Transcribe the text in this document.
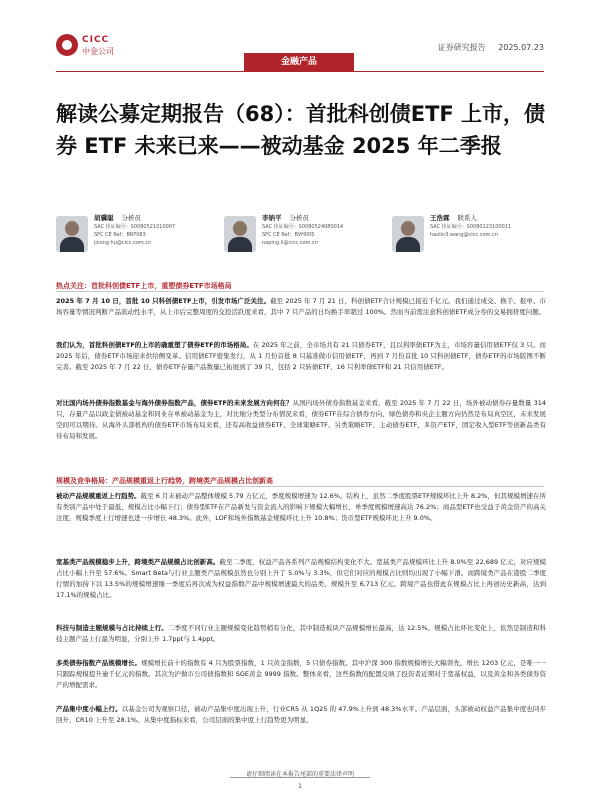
CICC
中金公司	证券研究报告 2025.07.23
金融产品
解读公募定期报告（68）：首批科创债ETF 上市，债券 ETF 未来已来——被动基金 2025 年二季报
胡骥聪 分析员
SAC 执证编号：S0080521010007
SFC CE Ref：BRF083
jicong.hu@cicc.com.cn
李钠平 分析员
SAC 执证编号：S0080524080014
SFC CE Ref：BVH005
naping.li@cicc.com.cn
王浩霖 联系人
SAC 执证编号：S0080123100011
haolin3.wang@cicc.com.cn
热点关注：首批科创债ETF上市，重塑债券ETF市场格局
2025 年 7 月 10 日，首批 10 只科创债ETF上市，引发市场广泛关注。截至 2025 年 7 月 21 日，科创债ETF合计规模已接近千亿元。我们通过成交、换手、报单、市场容量等情况判断产品流动性水平，从上市后完整周度的交投活跃度来看，其中 7 只产品的日均换手率超过 100%。然而当前需注意科创债ETF成分券的交易拥挤度问题。
我们认为，首批科创债ETF的上市的确重塑了债券ETF的市场格局。在 2025 年之前，全市场共有 21 只债券ETF，且以利率债ETF为主，市场容量信用债ETF仅 3 只。而 2025 年后，债券ETF市场迎来供给侧变革。信用债ETF密集发行，从 1 月份首批 8 只基准做市信用债ETF，再到 7 月份首批 10 只科创债ETF，债券ETF的市场版图不断完善。截至 2025 年 7 月 22 日，债券ETF存量产品数量已拓展到了 39 只，包括 2 只转债ETF、16 只利率债ETF和 21 只信用债ETF。
对比国内场外债券指数基金与海外债券指数产品，债券ETF的未来发展方向何在？从国内场外债券指数基金来看，截至 2025 年 7 月 22 日，场外被动债券存量数量 314 只，存量产品以政金债被动基金和同业存单被动基金为主，对比细分类型分布情况来看，债券ETF在综合债券方向、绿色债券和央企主题方向仍然是布局真空区，未来发展空间可以期待。从海外头部机构的债券ETF市场布局来看，还有高收益债券ETF、全球策略ETF、另类策略ETF、主动债券ETF、多资产ETF，固定收入型ETF等创新品类有待布局和发展。
规模及竞争格局：产品规模重返上行趋势，跨境类产品规模占比创新高
被动产品规模重返上行趋势。截至 6 月末被动产品整体规模 5.79 万亿元，季度规模增速为 12.6%。结构上，虽然二季度股票ETF规模环比上升 8.2%，但其规模增速在所有类别产品中处于最低，规模占比小幅下行；债券型ETF在产品新发与资金流入的影响下规模大幅增长，单季度规模增速高达 76.2%；商品型ETF也受益于黄金资产的高关注度，规模季度上行增速也进一步增长 48.3%。此外，LOF和场外指数基金规模环比上升 10.8%；货币型ETF规模环比上升 9.0%。
宽基类产品规模稳步上升，跨境类产品规模占比创新高。截至二季度，权益产品各系列产品规模结构变化不大。宽基类产品规模环比上升 8.0%至 22,689 亿元，对应规模占比小幅上升至 57.6%。Smart Beta与行业主题类产品规模虽然也分别上升了 5.0%与 3.3%，但它们对应的规模占比则均出现了小幅下滑。而跨境类产品在港股二季度行情的加持下以 13.5%的规模增速继一季度后再次成为权益指数产品中规模增速最大的品类，规模升至 6,713 亿元。跨境产品也借此在规模占比上再创历史新高，达到 17.1%的规模占比。
科技与制造主题规模与占比持续上行。二季度不同行业主题规模变化趋势稍有分化，其中制造板块产品规模增长最高，达 12.5%。规模占比环比变化上，依然是制造和科技主题产品上行最为明显，分别上升 1.7ppt与 1.4ppt。
多类债券指数产品规模增长。规模增长前十的指数有 4 只为股票指数，1 只黄金指数，5 只债券指数。其中沪深 300 指数规模增长大幅领先，增长 1203 亿元，是唯一一只跟踪规模提升逾千亿元的指数。其次为沪做市公司债指数和 SGE黄金 9999 指数。整体来看，这些指数的配置反映了投资者近期对于宽基权益，以及黄金和各类债券资产的增配需求。
产品集中度小幅上行。以基金公司为观察口径，被动产品集中度出现上升，行业CR5 从 1Q25 的 47.9%上升到 48.3%水平。产品层面，头部被动权益产品集中度也同步回升，CR10 上升至 28.1%。从集中度指标来看，公司层面的集中度上行趋势更为明显。
请仔细阅读在本报告尾部的重要法律声明
1
